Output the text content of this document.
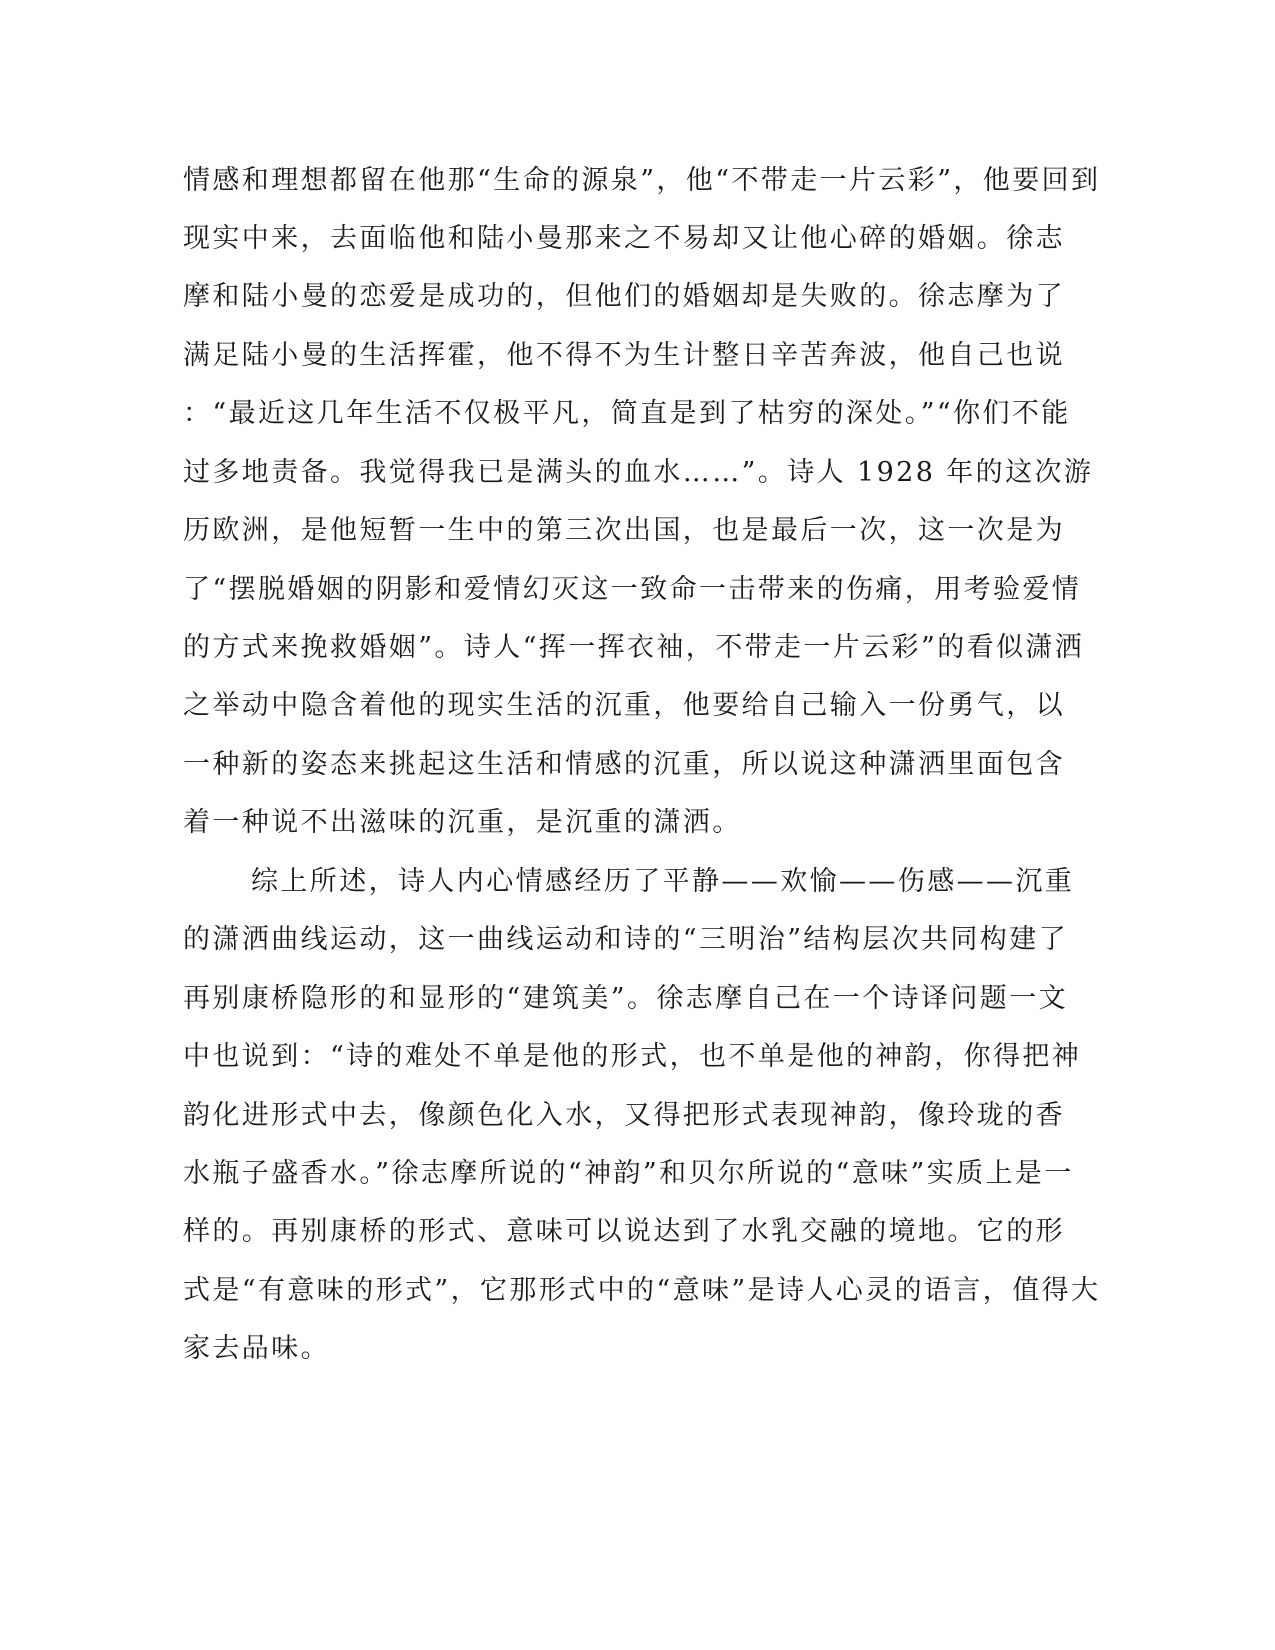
情感和理想都留在他那“生命的源泉”，他“不带走一片云彩”，他要回到
现实中来，去面临他和陆小曼那来之不易却又让他心碎的婚姻。徐志
摩和陆小曼的恋爱是成功的，但他们的婚姻却是失败的。徐志摩为了
满足陆小曼的生活挥霍，他不得不为生计整日辛苦奔波，他自己也说
：“最近这几年生活不仅极平凡，简直是到了枯穷的深处。”“你们不能
过多地责备。我觉得我已是满头的血水……”。诗人 1928 年的这次游
历欧洲，是他短暂一生中的第三次出国，也是最后一次，这一次是为
了“摆脱婚姻的阴影和爱情幻灭这一致命一击带来的伤痛，用考验爱情
的方式来挽救婚姻”。诗人“挥一挥衣袖，不带走一片云彩”的看似潇洒
之举动中隐含着他的现实生活的沉重，他要给自己输入一份勇气，以
一种新的姿态来挑起这生活和情感的沉重，所以说这种潇洒里面包含
着一种说不出滋味的沉重，是沉重的潇洒。
综上所述，诗人内心情感经历了平静——欢愉——伤感——沉重
的潇洒曲线运动，这一曲线运动和诗的“三明治”结构层次共同构建了
再别康桥隐形的和显形的“建筑美”。徐志摩自己在一个诗译问题一文
中也说到：“诗的难处不单是他的形式，也不单是他的神韵，你得把神
韵化进形式中去，像颜色化入水，又得把形式表现神韵，像玲珑的香
水瓶子盛香水。”徐志摩所说的“神韵”和贝尔所说的“意味”实质上是一
样的。再别康桥的形式、意味可以说达到了水乳交融的境地。它的形
式是“有意味的形式”，它那形式中的“意味”是诗人心灵的语言，值得大
家去品味。
